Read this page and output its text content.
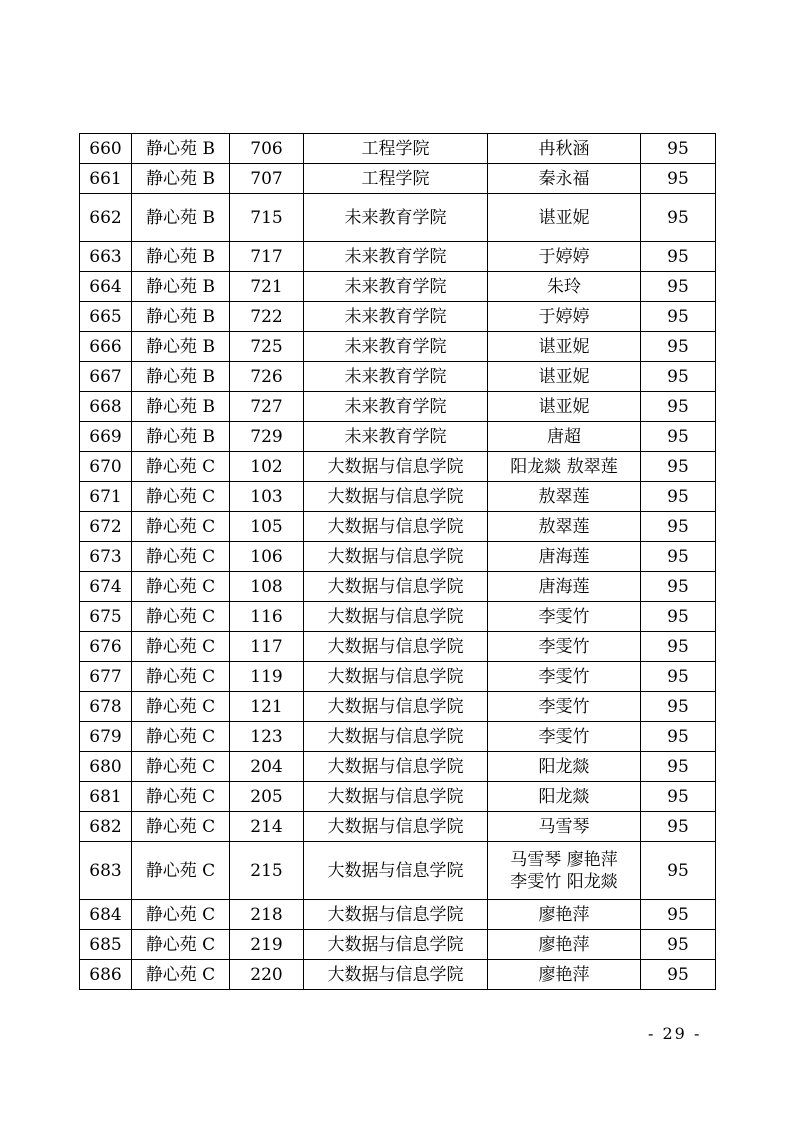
660	静心苑 B	706	工程学院	冉秋涵	95
661	静心苑 B	707	工程学院	秦永福	95
662	静心苑 B	715	未来教育学院	谌亚妮	95
663	静心苑 B	717	未来教育学院	于婷婷	95
664	静心苑 B	721	未来教育学院	朱玲	95
665	静心苑 B	722	未来教育学院	于婷婷	95
666	静心苑 B	725	未来教育学院	谌亚妮	95
667	静心苑 B	726	未来教育学院	谌亚妮	95
668	静心苑 B	727	未来教育学院	谌亚妮	95
669	静心苑 B	729	未来教育学院	唐超	95
670	静心苑 C	102	大数据与信息学院	阳龙燚 敖翠莲	95
671	静心苑 C	103	大数据与信息学院	敖翠莲	95
672	静心苑 C	105	大数据与信息学院	敖翠莲	95
673	静心苑 C	106	大数据与信息学院	唐海莲	95
674	静心苑 C	108	大数据与信息学院	唐海莲	95
675	静心苑 C	116	大数据与信息学院	李雯竹	95
676	静心苑 C	117	大数据与信息学院	李雯竹	95
677	静心苑 C	119	大数据与信息学院	李雯竹	95
678	静心苑 C	121	大数据与信息学院	李雯竹	95
679	静心苑 C	123	大数据与信息学院	李雯竹	95
680	静心苑 C	204	大数据与信息学院	阳龙燚	95
681	静心苑 C	205	大数据与信息学院	阳龙燚	95
682	静心苑 C	214	大数据与信息学院	马雪琴	95
683	静心苑 C	215	大数据与信息学院	马雪琴 廖艳萍
李雯竹 阳龙燚	95
684	静心苑 C	218	大数据与信息学院	廖艳萍	95
685	静心苑 C	219	大数据与信息学院	廖艳萍	95
686	静心苑 C	220	大数据与信息学院	廖艳萍	95
- 29 -
